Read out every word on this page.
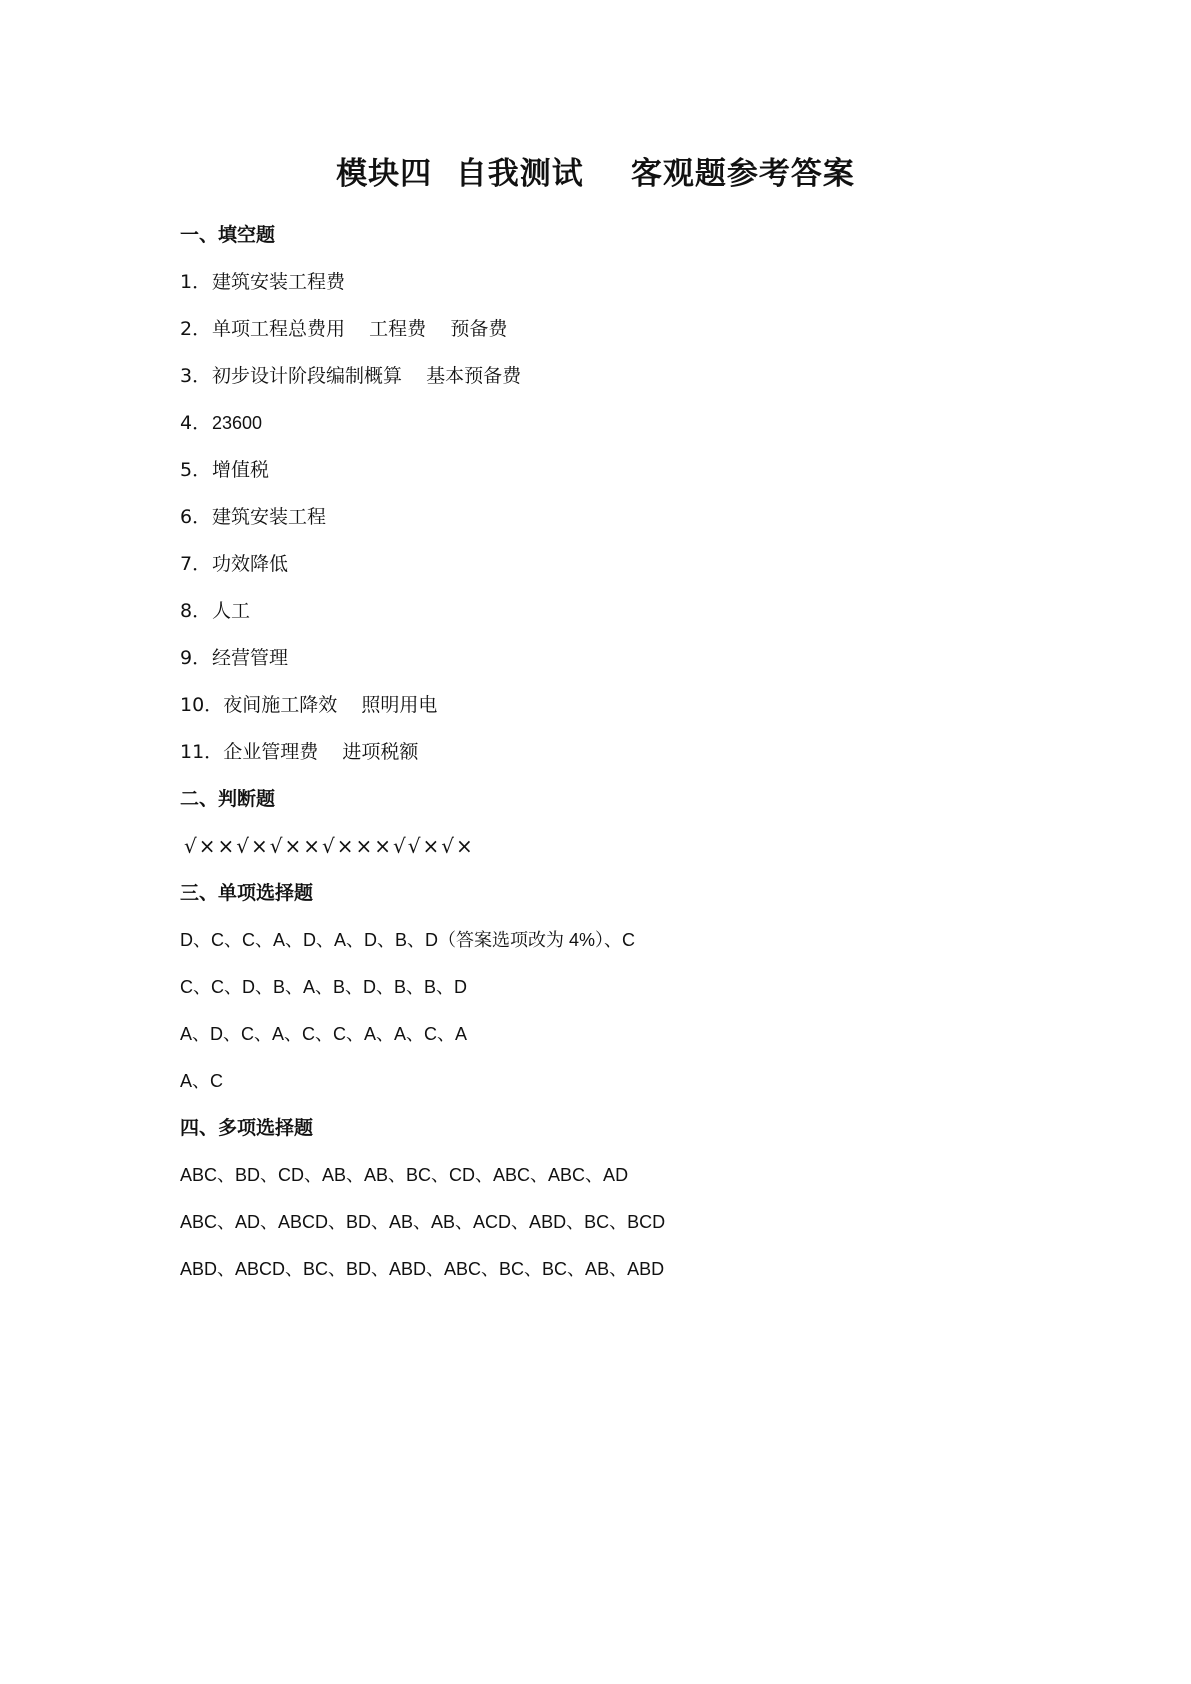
模块四  自我测试    客观题参考答案
一、填空题
1．建筑安装工程费
2．单项工程总费用    工程费    预备费
3．初步设计阶段编制概算    基本预备费
4．23600
5．增值税
6．建筑安装工程
7．功效降低
8．人工
9．经营管理
10．夜间施工降效    照明用电
11．企业管理费    进项税额
二、判断题
√××√×√××√×××√√×√×
三、单项选择题
D、C、C、A、D、A、D、B、D（答案选项改为 4%）、C
C、C、D、B、A、B、D、B、B、D
A、D、C、A、C、C、A、A、C、A
A、C
四、多项选择题
ABC、BD、CD、AB、AB、BC、CD、ABC、ABC、AD
ABC、AD、ABCD、BD、AB、AB、ACD、ABD、BC、BCD
ABD、ABCD、BC、BD、ABD、ABC、BC、BC、AB、ABD
